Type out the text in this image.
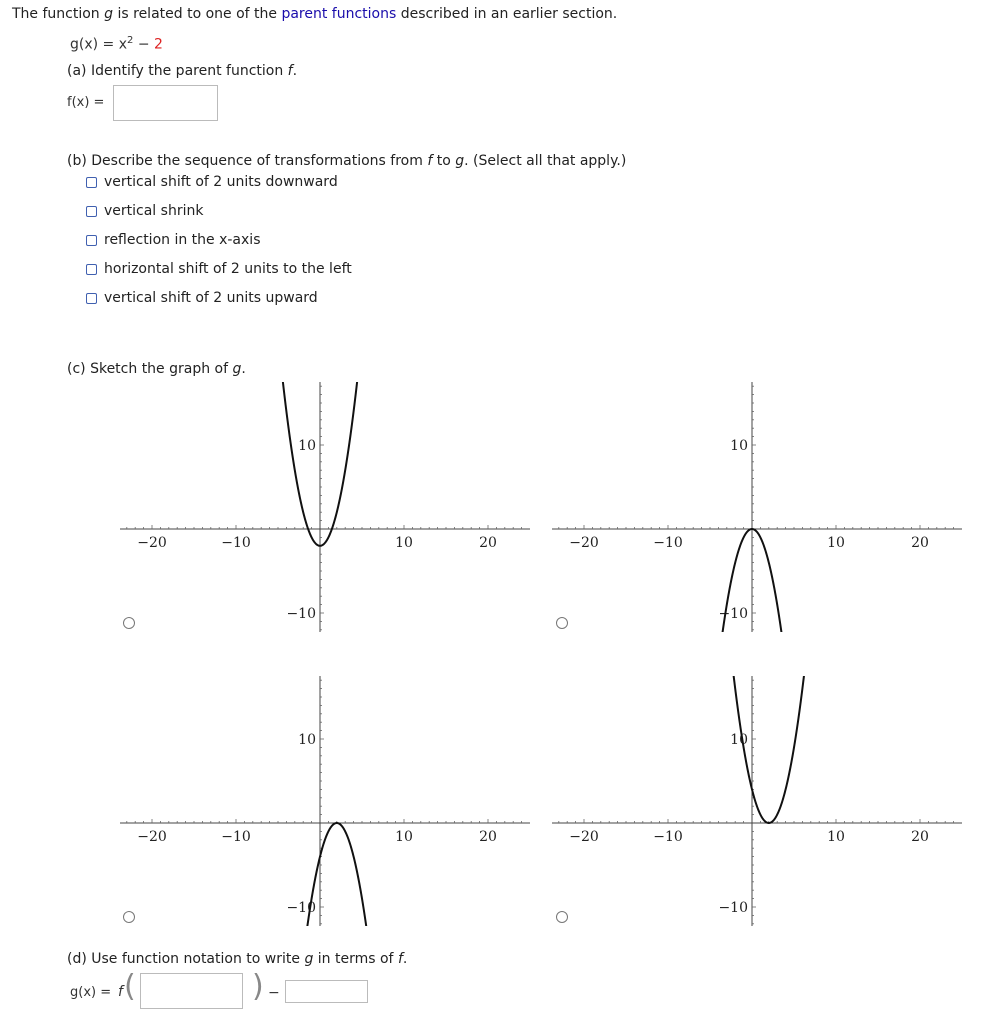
The function g is related to one of the parent functions described in an earlier section.
$g(x) = x^2 - 2$
(a) Identify the parent function f.
f(x) =
(b) Describe the sequence of transformations from f to g. (Select all that apply.)
vertical shift of 2 units downward
vertical shrink
reflection in the x-axis
horizontal shift of 2 units to the left
vertical shift of 2 units upward
(c) Sketch the graph of g.
−20	−10	10	20
10
−10
−20	−10	10	20
10
−10
−20	−10	10	20
10
−10
−20	−10	10	20
10
−10
(d) Use function notation to write g in terms of f.
g(x) = f (	) −
